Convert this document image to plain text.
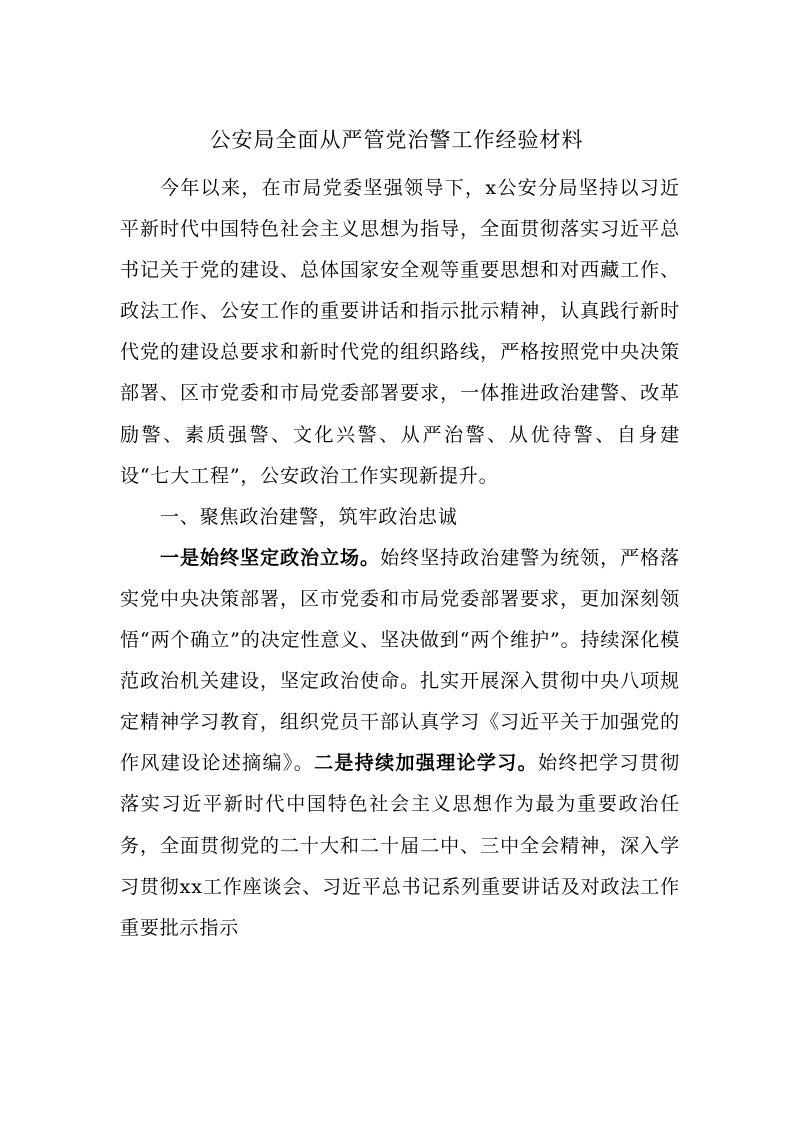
公安局全面从严管党治警工作经验材料

今年以来，在市局党委坚强领导下，x公安分局坚持以习近平新时代中国特色社会主义思想为指导，全面贯彻落实习近平总书记关于党的建设、总体国家安全观等重要思想和对西藏工作、政法工作、公安工作的重要讲话和指示批示精神，认真践行新时代党的建设总要求和新时代党的组织路线，严格按照党中央决策部署、区市党委和市局党委部署要求，一体推进政治建警、改革励警、素质强警、文化兴警、从严治警、从优待警、自身建设“七大工程”，公安政治工作实现新提升。

一、聚焦政治建警，筑牢政治忠诚

一是始终坚定政治立场。始终坚持政治建警为统领，严格落实党中央决策部署，区市党委和市局党委部署要求，更加深刻领悟“两个确立”的决定性意义、坚决做到“两个维护”。持续深化模范政治机关建设，坚定政治使命。扎实开展深入贯彻中央八项规定精神学习教育，组织党员干部认真学习《习近平关于加强党的作风建设论述摘编》。二是持续加强理论学习。始终把学习贯彻落实习近平新时代中国特色社会主义思想作为最为重要政治任务，全面贯彻党的二十大和二十届二中、三中全会精神，深入学习贯彻xx工作座谈会、习近平总书记系列重要讲话及对政法工作重要批示指示
